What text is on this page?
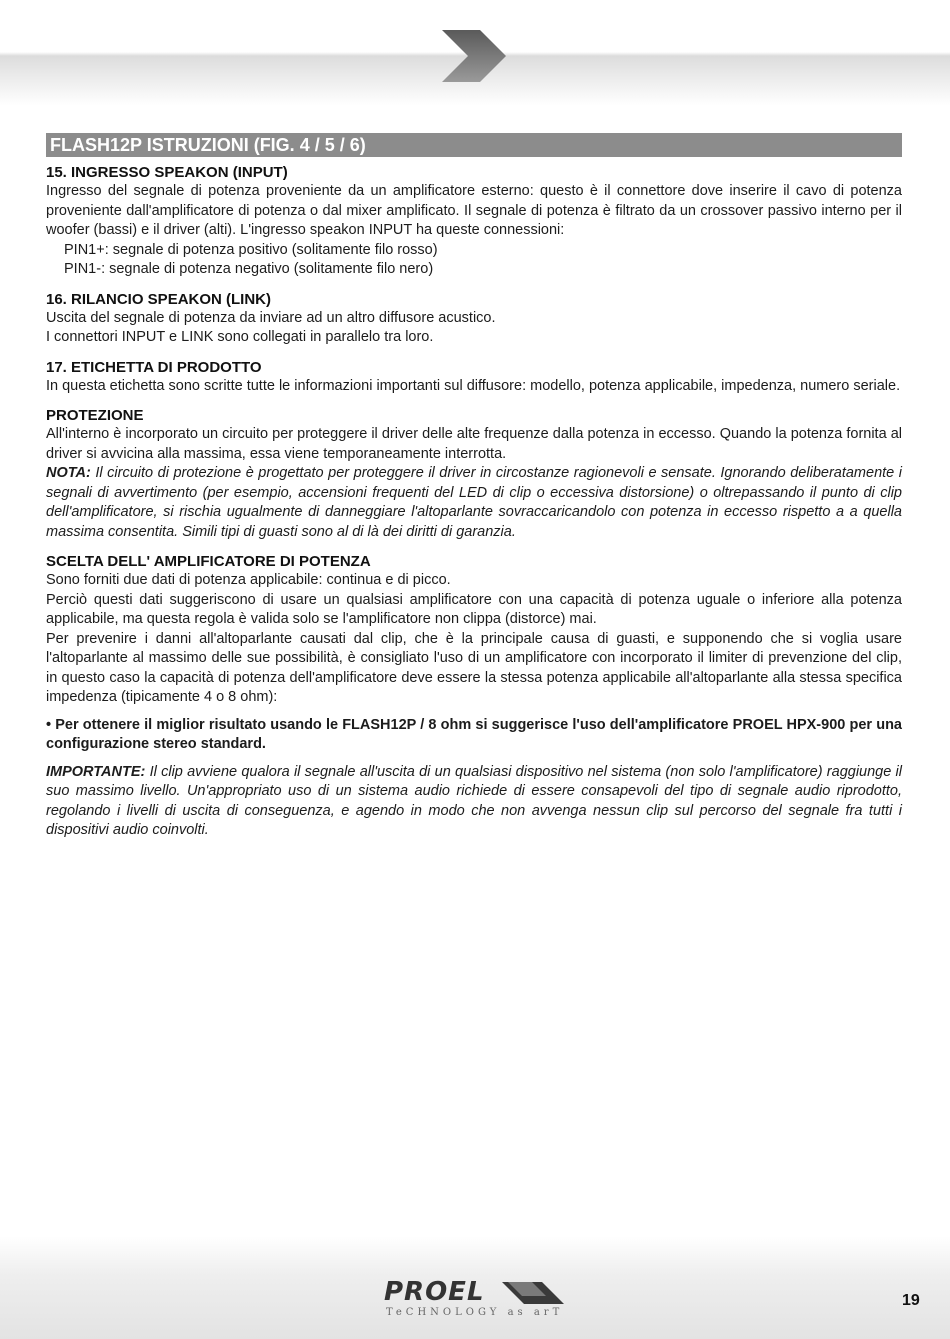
FLASH12P ISTRUZIONI (FIG. 4 / 5 / 6)
15. INGRESSO SPEAKON (INPUT)

Ingresso del segnale di potenza proveniente da un amplificatore esterno: questo è il connettore dove inserire il cavo di potenza proveniente dall'amplificatore di potenza o dal mixer amplificato. Il segnale di potenza è filtrato da un crossover passivo interno per il woofer (bassi) e il driver (alti). L'ingresso speakon INPUT ha queste connessioni:

PIN1+: segnale di potenza positivo (solitamente filo rosso)

PIN1-: segnale di potenza negativo (solitamente filo nero)

16. RILANCIO SPEAKON (LINK)

Uscita del segnale di potenza da inviare ad un altro diffusore acustico.

I connettori INPUT e LINK sono collegati in parallelo tra loro.

17. ETICHETTA DI PRODOTTO

In questa etichetta sono scritte tutte le informazioni importanti sul diffusore: modello, potenza applicabile, impedenza, numero seriale.

PROTEZIONE

All'interno è incorporato un circuito per proteggere il driver delle alte frequenze dalla potenza in eccesso. Quando la potenza fornita al driver si avvicina alla massima, essa viene temporaneamente interrotta.

NOTA: Il circuito di protezione è progettato per proteggere il driver in circostanze ragionevoli e sensate. Ignorando deliberatamente i segnali di avvertimento (per esempio, accensioni frequenti del LED di clip o eccessiva distorsione) o oltrepassando il punto di clip dell'amplificatore, si rischia ugualmente di danneggiare l'altoparlante sovraccaricandolo con potenza in eccesso rispetto a a quella massima consentita. Simili tipi di guasti sono al di là dei diritti di garanzia.

SCELTA DELL' AMPLIFICATORE DI POTENZA

Sono forniti due dati di potenza applicabile: continua e di picco.

Perciò questi dati suggeriscono di usare un qualsiasi amplificatore con una capacità di potenza uguale o inferiore alla potenza applicabile, ma questa regola è valida solo se l'amplificatore non clippa (distorce) mai.

Per prevenire i danni all'altoparlante causati dal clip, che è la principale causa di guasti, e supponendo che si voglia usare l'altoparlante al massimo delle sue possibilità, è consigliato l'uso di un amplificatore con incorporato il limiter di prevenzione del clip, in questo caso la capacità di potenza dell'amplificatore deve essere la stessa potenza applicabile all'altoparlante alla stessa specifica impedenza (tipicamente 4 o 8 ohm):

• Per ottenere il miglior risultato usando le FLASH12P / 8 ohm si suggerisce l'uso dell'amplificatore PROEL HPX-900 per una configurazione stereo standard.

IMPORTANTE: Il clip avviene qualora il segnale all'uscita di un qualsiasi dispositivo nel sistema (non solo l'amplificatore) raggiunge il suo massimo livello. Un'appropriato uso di un sistema audio richiede di essere consapevoli del tipo di segnale audio riprodotto, regolando i livelli di uscita di conseguenza, e agendo in modo che non avvenga nessun clip sul percorso del segnale fra tutti i dispositivi audio coinvolti.

PROEL
TeCHNOLOGY as arT
19
